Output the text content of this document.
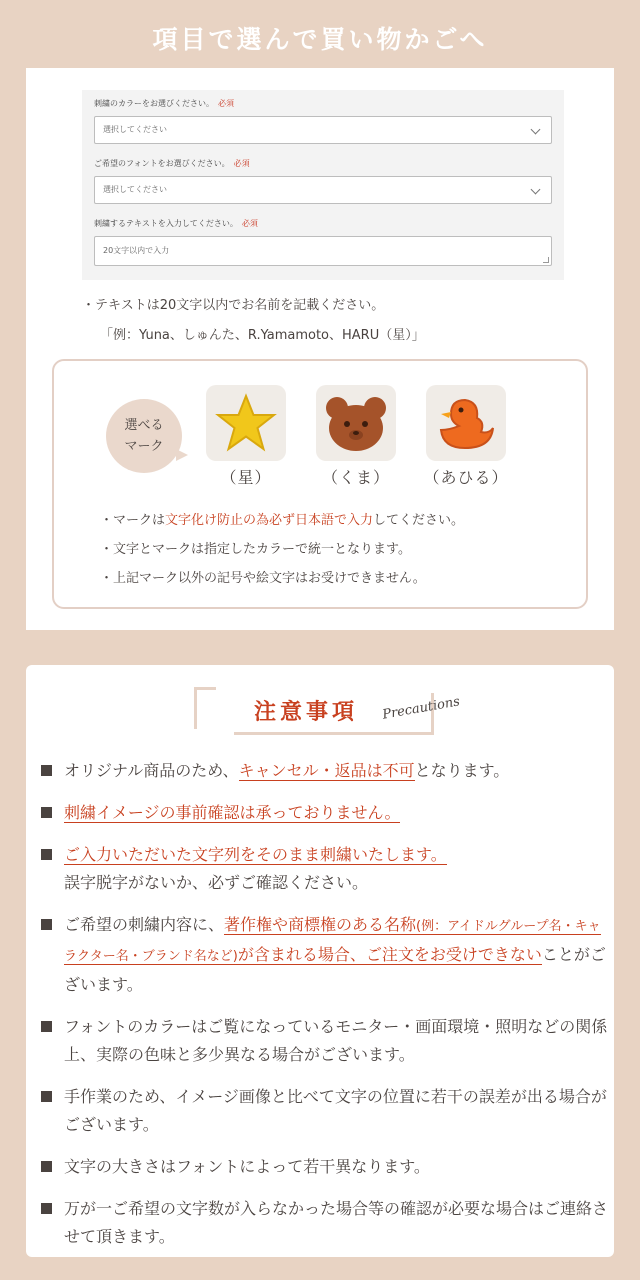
項目で選んで買い物かごへ
刺繍のカラーをお選びください。 必須
選択してください
ご希望のフォントをお選びください。 必須
選択してください
刺繍するテキストを入力してください。 必須
20文字以内で入力
・テキストは20文字以内でお名前を記載ください。
「例：Yuna、しゅんた、R.Yamamoto、HARU（星）」
選べる
マーク
（星）	（くま）	（あひる）
・マークは文字化け防止の為必ず日本語で入力してください。
・文字とマークは指定したカラーで統一となります。
・上記マーク以外の記号や絵文字はお受けできません。
注意事項 Precautions
オリジナル商品のため、キャンセル・返品は不可となります。
刺繍イメージの事前確認は承っておりません。
ご入力いただいた文字列をそのまま刺繍いたします。
誤字脱字がないか、必ずご確認ください。
ご希望の刺繍内容に、著作権や商標権のある名称(例：アイドルグループ名・キャラクター名・ブランド名など)が含まれる場合、ご注文をお受けできないことがございます。
フォントのカラーはご覧になっているモニター・画面環境・照明などの関係上、実際の色味と多少異なる場合がございます。
手作業のため、イメージ画像と比べて文字の位置に若干の誤差が出る場合がございます。
文字の大きさはフォントによって若干異なります。
万が一ご希望の文字数が入らなかった場合等の確認が必要な場合はご連絡させて頂きます。
